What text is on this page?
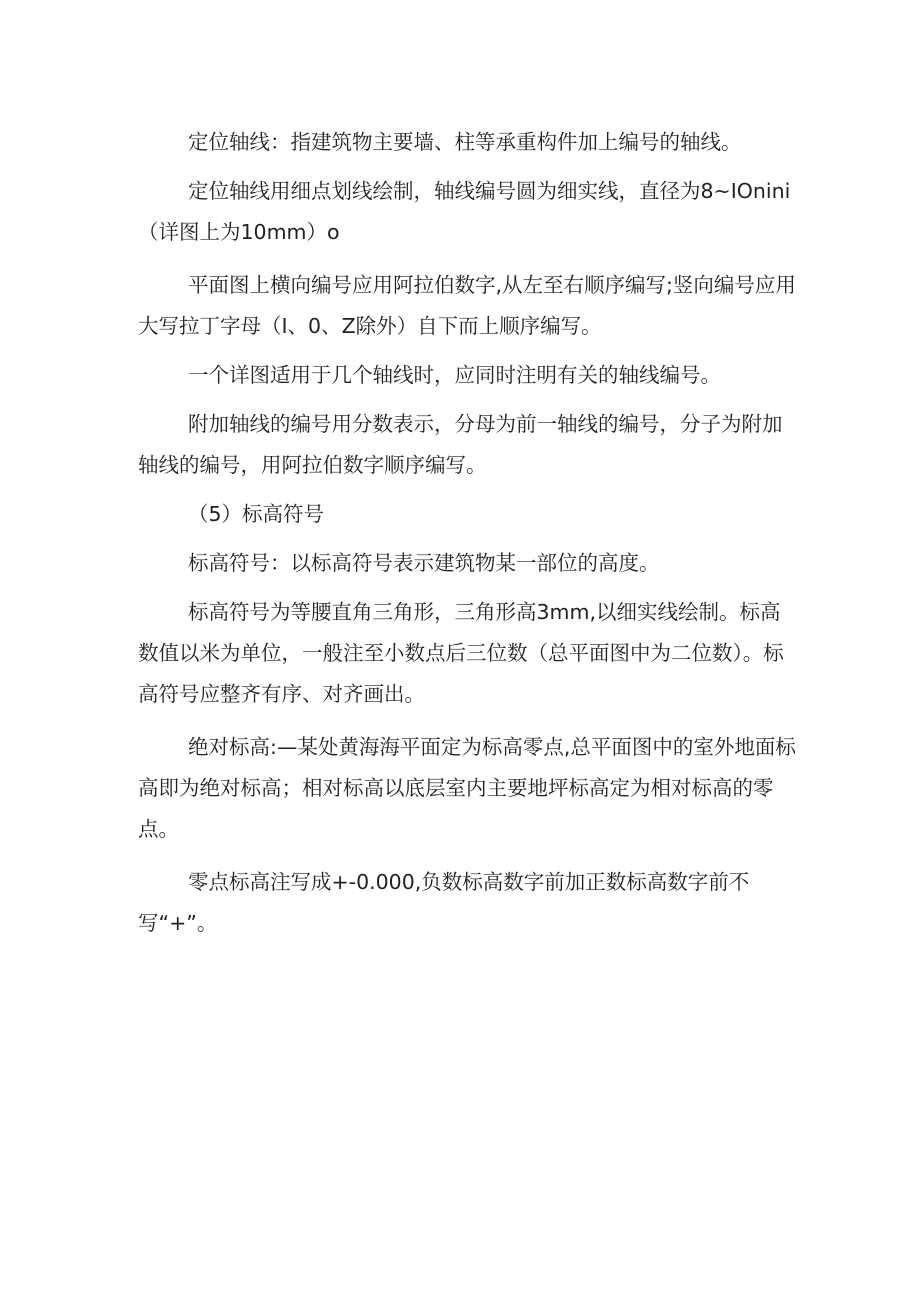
定位轴线：指建筑物主要墙、柱等承重构件加上编号的轴线。

定位轴线用细点划线绘制，轴线编号圆为细实线，直径为8~IOnini（详图上为10mm）o

平面图上横向编号应用阿拉伯数字,从左至右顺序编写;竖向编号应用大写拉丁字母（I、0、Z除外）自下而上顺序编写。

一个详图适用于几个轴线时，应同时注明有关的轴线编号。

附加轴线的编号用分数表示，分母为前一轴线的编号，分子为附加轴线的编号，用阿拉伯数字顺序编写。

（5）标高符号

标高符号：以标高符号表示建筑物某一部位的高度。

标高符号为等腰直角三角形，三角形高3mm,以细实线绘制。标高数值以米为单位，一般注至小数点后三位数（总平面图中为二位数）。标高符号应整齐有序、对齐画出。

绝对标高:—某处黄海海平面定为标高零点,总平面图中的室外地面标高即为绝对标高；相对标高以底层室内主要地坪标高定为相对标高的零点。

零点标高注写成+-0.000,负数标高数字前加正数标高数字前不写“+”。
